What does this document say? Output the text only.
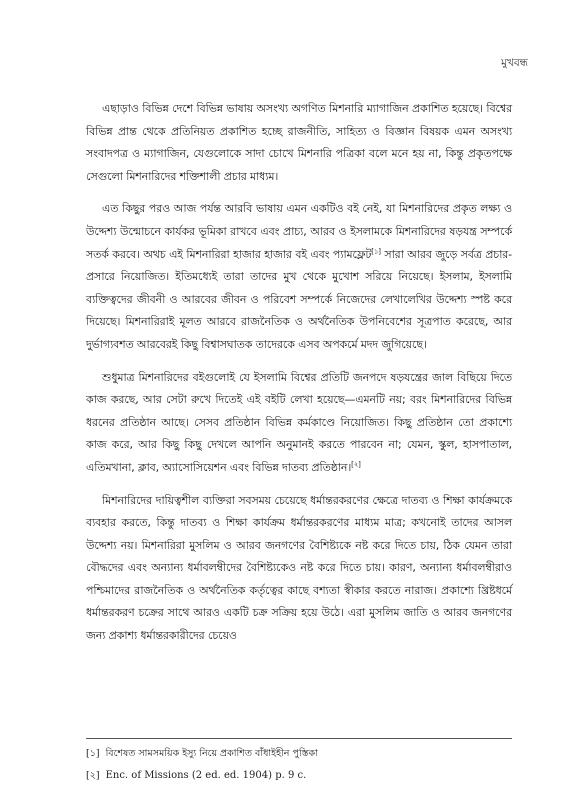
মুখবন্ধ

এছাড়াও বিভিন্ন দেশে বিভিন্ন ভাষায় অসংখ্য অগণিত মিশনারি ম্যাগাজিন প্রকাশিত হয়েছে। বিশ্বের বিভিন্ন প্রান্ত থেকে প্রতিনিয়ত প্রকাশিত হচ্ছে রাজনীতি, সাহিত্য ও বিজ্ঞান বিষয়ক এমন অসংখ্য সংবাদপত্র ও ম্যাগাজিন, যেগুলোকে সাদা চোখে মিশনারি পত্রিকা বলে মনে হয় না, কিন্তু প্রকৃতপক্ষে সেগুলো মিশনারিদের শক্তিশালী প্রচার মাধ্যম।

এত কিছুর পরও আজ পর্যন্ত আরবি ভাষায় এমন একটিও বই নেই, যা মিশনারিদের প্রকৃত লক্ষ্য ও উদ্দেশ্য উন্মোচনে কার্যকর ভূমিকা রাখবে এবং প্রাচ্য, আরব ও ইসলামকে মিশনারিদের ষড়যন্ত্র সম্পর্কে সতর্ক করবে। অথচ এই মিশনারিরা হাজার হাজার বই এবং প্যামফ্লেট[১] সারা আরব জুড়ে সর্বত্র প্রচার-প্রসারে নিয়োজিত। ইতিমধ্যেই তারা তাদের মুখ থেকে মুখোশ সরিয়ে নিয়েছে। ইসলাম, ইসলামি ব্যক্তিত্বদের জীবনী ও আরবের জীবন ও পরিবেশ সম্পর্কে নিজেদের লেখালেখির উদ্দেশ্য স্পষ্ট করে দিয়েছে। মিশনারিরাই মূলত আরবে রাজনৈতিক ও অর্থনৈতিক উপনিবেশের সূত্রপাত করেছে, আর দুর্ভাগ্যবশত আরবেরই কিছু বিশ্বাসঘাতক তাদেরকে এসব অপকর্মে মদদ জুগিয়েছে।

শুধুমাত্র মিশনারিদের বইগুলোই যে ইসলামি বিশ্বের প্রতিটি জনপদে ষড়যন্ত্রের জাল বিছিয়ে দিতে কাজ করছে, আর সেটা রুখে দিতেই এই বইটি লেখা হয়েছে—এমনটি নয়; বরং মিশনারিদের বিভিন্ন ধরনের প্রতিষ্ঠান আছে। সেসব প্রতিষ্ঠান বিভিন্ন কর্মকাণ্ডে নিয়োজিত। কিছু প্রতিষ্ঠান তো প্রকাশ্যে কাজ করে, আর কিছু কিছু দেখলে আপনি অনুমানই করতে পারবেন না; যেমন, স্কুল, হাসপাতাল, এতিমখানা, ক্লাব, অ্যাসোসিয়েশন এবং বিভিন্ন দাতব্য প্রতিষ্ঠান।[২]

মিশনারিদের দায়িত্বশীল ব্যক্তিরা সবসময় চেয়েছে ধর্মান্তরকরণের ক্ষেত্রে দাতব্য ও শিক্ষা কার্যক্রমকে ব্যবহার করতে, কিন্তু দাতব্য ও শিক্ষা কার্যক্রম ধর্মান্তরকরণের মাধ্যম মাত্র; কখনোই তাদের আসল উদ্দেশ্য নয়। মিশনারিরা মুসলিম ও আরব জনগণের বৈশিষ্ট্যকে নষ্ট করে দিতে চায়, ঠিক যেমন তারা বৌদ্ধদের এবং অন্যান্য ধর্মাবলম্বীদের বৈশিষ্ট্যকেও নষ্ট করে দিতে চায়। কারণ, অন্যান্য ধর্মাবলম্বীরাও পশ্চিমাদের রাজনৈতিক ও অর্থনৈতিক কর্তৃত্বের কাছে বশ্যতা স্বীকার করতে নারাজ। প্রকাশ্যে খ্রিষ্টধর্মে ধর্মান্তরকরণ চক্রের সাথে আরও একটি চক্র সক্রিয় হয়ে উঠে। এরা মুসলিম জাতি ও আরব জনগণের জন্য প্রকাশ্য ধর্মান্তরকারীদের চেয়েও

[১] বিশেষত সামসময়িক ইস্যু নিয়ে প্রকাশিত বাঁধাইহীন পুস্তিকা
[২] Enc. of Missions (2 ed. ed. 1904) p. 9 c.
